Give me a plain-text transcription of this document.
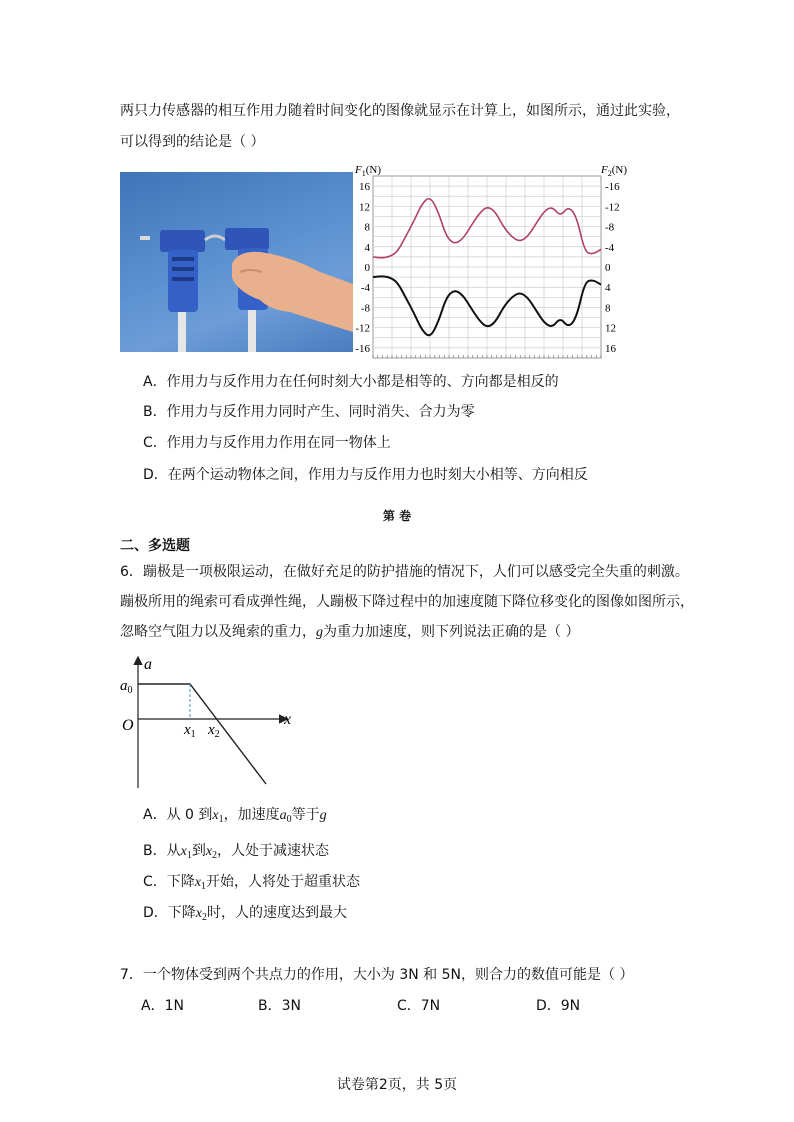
两只力传感器的相互作用力随着时间变化的图像就显示在计算上，如图所示，通过此实验，
可以得到的结论是（ ）
16
12
8
4
0
-4
-8
-12
-16
-16
-12
-8
-4
0
4
8
12
16
$F_1(N)$	$F_2(N)$
A．作用力与反作用力在任何时刻大小都是相等的、方向都是相反的
B．作用力与反作用力同时产生、同时消失、合力为零
C．作用力与反作用力作用在同一物体上
D．在两个运动物体之间，作用力与反作用力也时刻大小相等、方向相反
第 卷
二、多选题
6．蹦极是一项极限运动，在做好充足的防护措施的情况下，人们可以感受完全失重的刺激。
蹦极所用的绳索可看成弹性绳，人蹦极下降过程中的加速度随下降位移变化的图像如图所示，
忽略空气阻力以及绳索的重力，g为重力加速度，则下列说法正确的是（ ）
a
$a_0$
O	x
$x_1$ $x_2$
A．从 0 到$x_1$，加速度$a_0$等于g
B．从$x_1$到$x_2$，人处于减速状态
C．下降$x_1$开始，人将处于超重状态
D．下降$x_2$时，人的速度达到最大
7．一个物体受到两个共点力的作用，大小为 3N 和 5N，则合力的数值可能是（ ）
A．1N	B．3N	C．7N	D．9N
试卷第2页，共 5页
